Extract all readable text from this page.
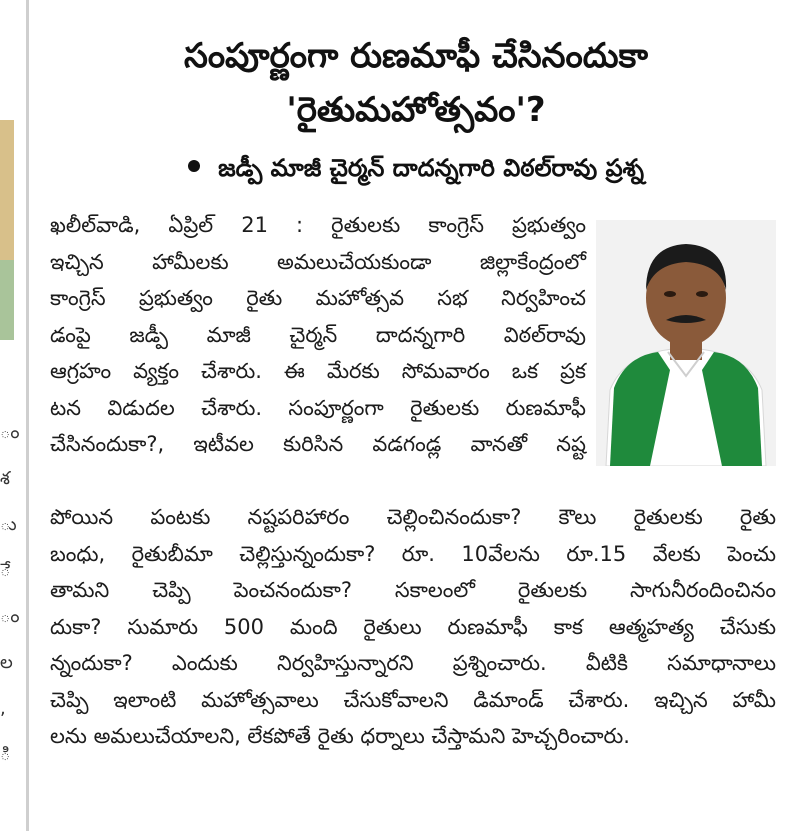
ం
శ
ు
ే
ం
ల
,
ి
సంపూర్ణంగా రుణమాఫీ చేసినందుకా
'రైతుమహోత్సవం'?
జడ్పీ మాజీ చైర్మన్ దాదన్నగారి విఠల్‌రావు ప్రశ్న
ఖలీల్‌వాడి, ఏప్రిల్ 21 : రైతులకు కాంగ్రెస్ ప్రభుత్వం
ఇచ్చిన హామీలకు అమలుచేయకుండా జిల్లాకేంద్రంలో
కాంగ్రెస్ ప్రభుత్వం రైతు మహోత్సవ సభ నిర్వహించ
డంపై జడ్పీ మాజీ చైర్మన్ దాదన్నగారి విఠల్‌రావు
ఆగ్రహం వ్యక్తం చేశారు. ఈ మేరకు సోమవారం ఒక ప్రక
టన విడుదల చేశారు. సంపూర్ణంగా రైతులకు రుణమాఫీ
చేసినందుకా?, ఇటీవల కురిసిన వడగండ్ల వానతో నష్ట
పోయిన పంటకు నష్టపరిహారం చెల్లించినందుకా? కౌలు రైతులకు రైతు
బంధు, రైతుబీమా చెల్లిస్తున్నందుకా? రూ. 10వేలను రూ.15 వేలకు పెంచు
తామని చెప్పి పెంచనందుకా? సకాలంలో రైతులకు సాగునీరందించినం
దుకా? సుమారు 500 మంది రైతులు రుణమాఫీ కాక ఆత్మహత్య చేసుకు
న్నందుకా? ఎందుకు నిర్వహిస్తున్నారని ప్రశ్నించారు. వీటికి సమాధానాలు
చెప్పి ఇలాంటి మహోత్సవాలు చేసుకోవాలని డిమాండ్ చేశారు. ఇచ్చిన హామీ
లను అమలుచేయాలని, లేకపోతే రైతు ధర్నాలు చేస్తామని హెచ్చరించారు.
